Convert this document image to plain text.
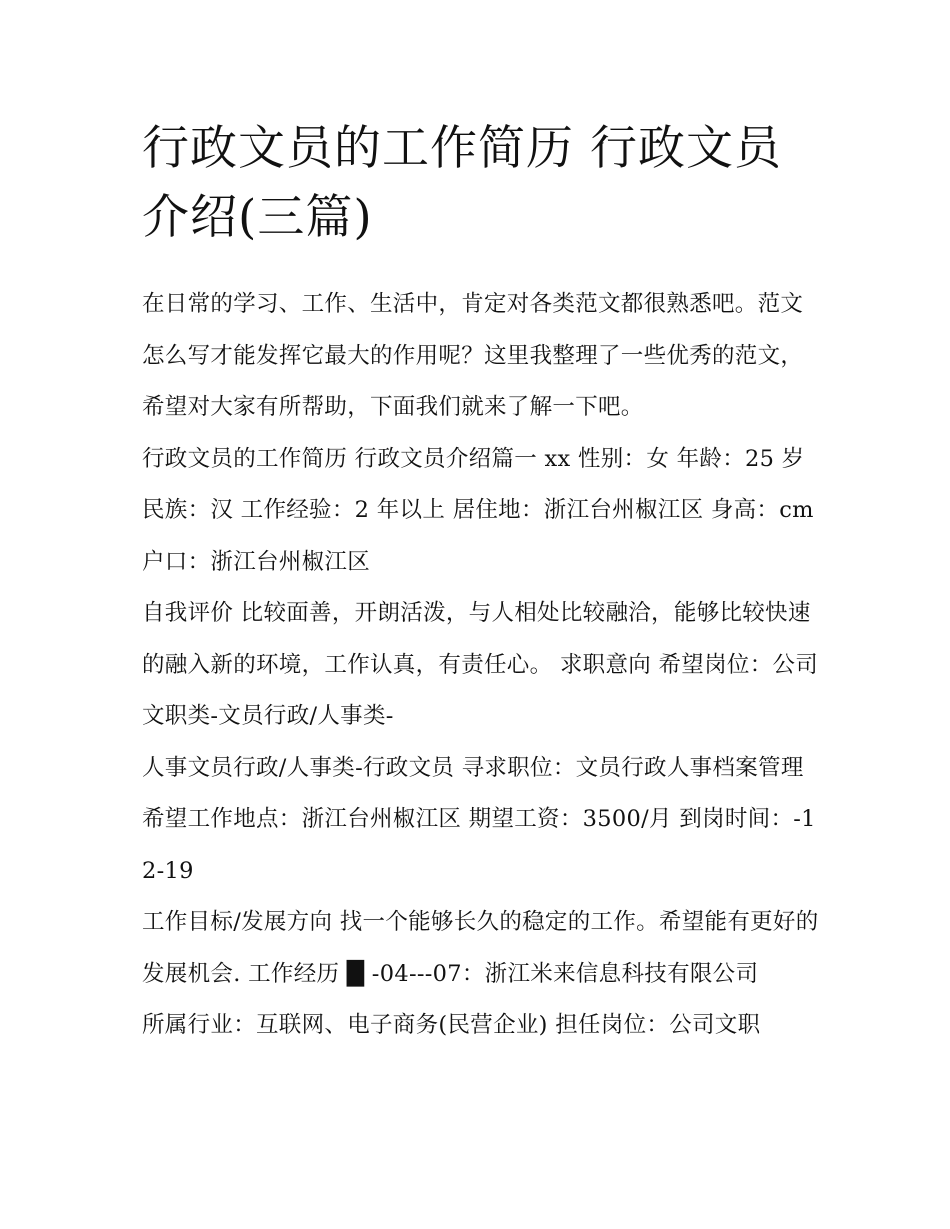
行政文员的工作简历 行政文员介绍(三篇)

在日常的学习、工作、生活中，肯定对各类范文都很熟悉吧。范文怎么写才能发挥它最大的作用呢？这里我整理了一些优秀的范文，希望对大家有所帮助，下面我们就来了解一下吧。

行政文员的工作简历 行政文员介绍篇一 xx 性别：女 年龄：25 岁 民族：汉 工作经验：2 年以上 居住地：浙江台州椒江区 身高：cm 户口：浙江台州椒江区

自我评价 比较面善，开朗活泼，与人相处比较融洽，能够比较快速的融入新的环境，工作认真，有责任心。 求职意向 希望岗位：公司文职类-文员行政/人事类-

人事文员行政/人事类-行政文员 寻求职位：文员行政人事档案管理 希望工作地点：浙江台州椒江区 期望工资：3500/月 到岗时间：-12-19

工作目标/发展方向 找一个能够长久的稳定的工作。希望能有更好的发展机会. 工作经历 █ -04---07：浙江米来信息科技有限公司

所属行业：互联网、电子商务(民营企业) 担任岗位：公司文职
